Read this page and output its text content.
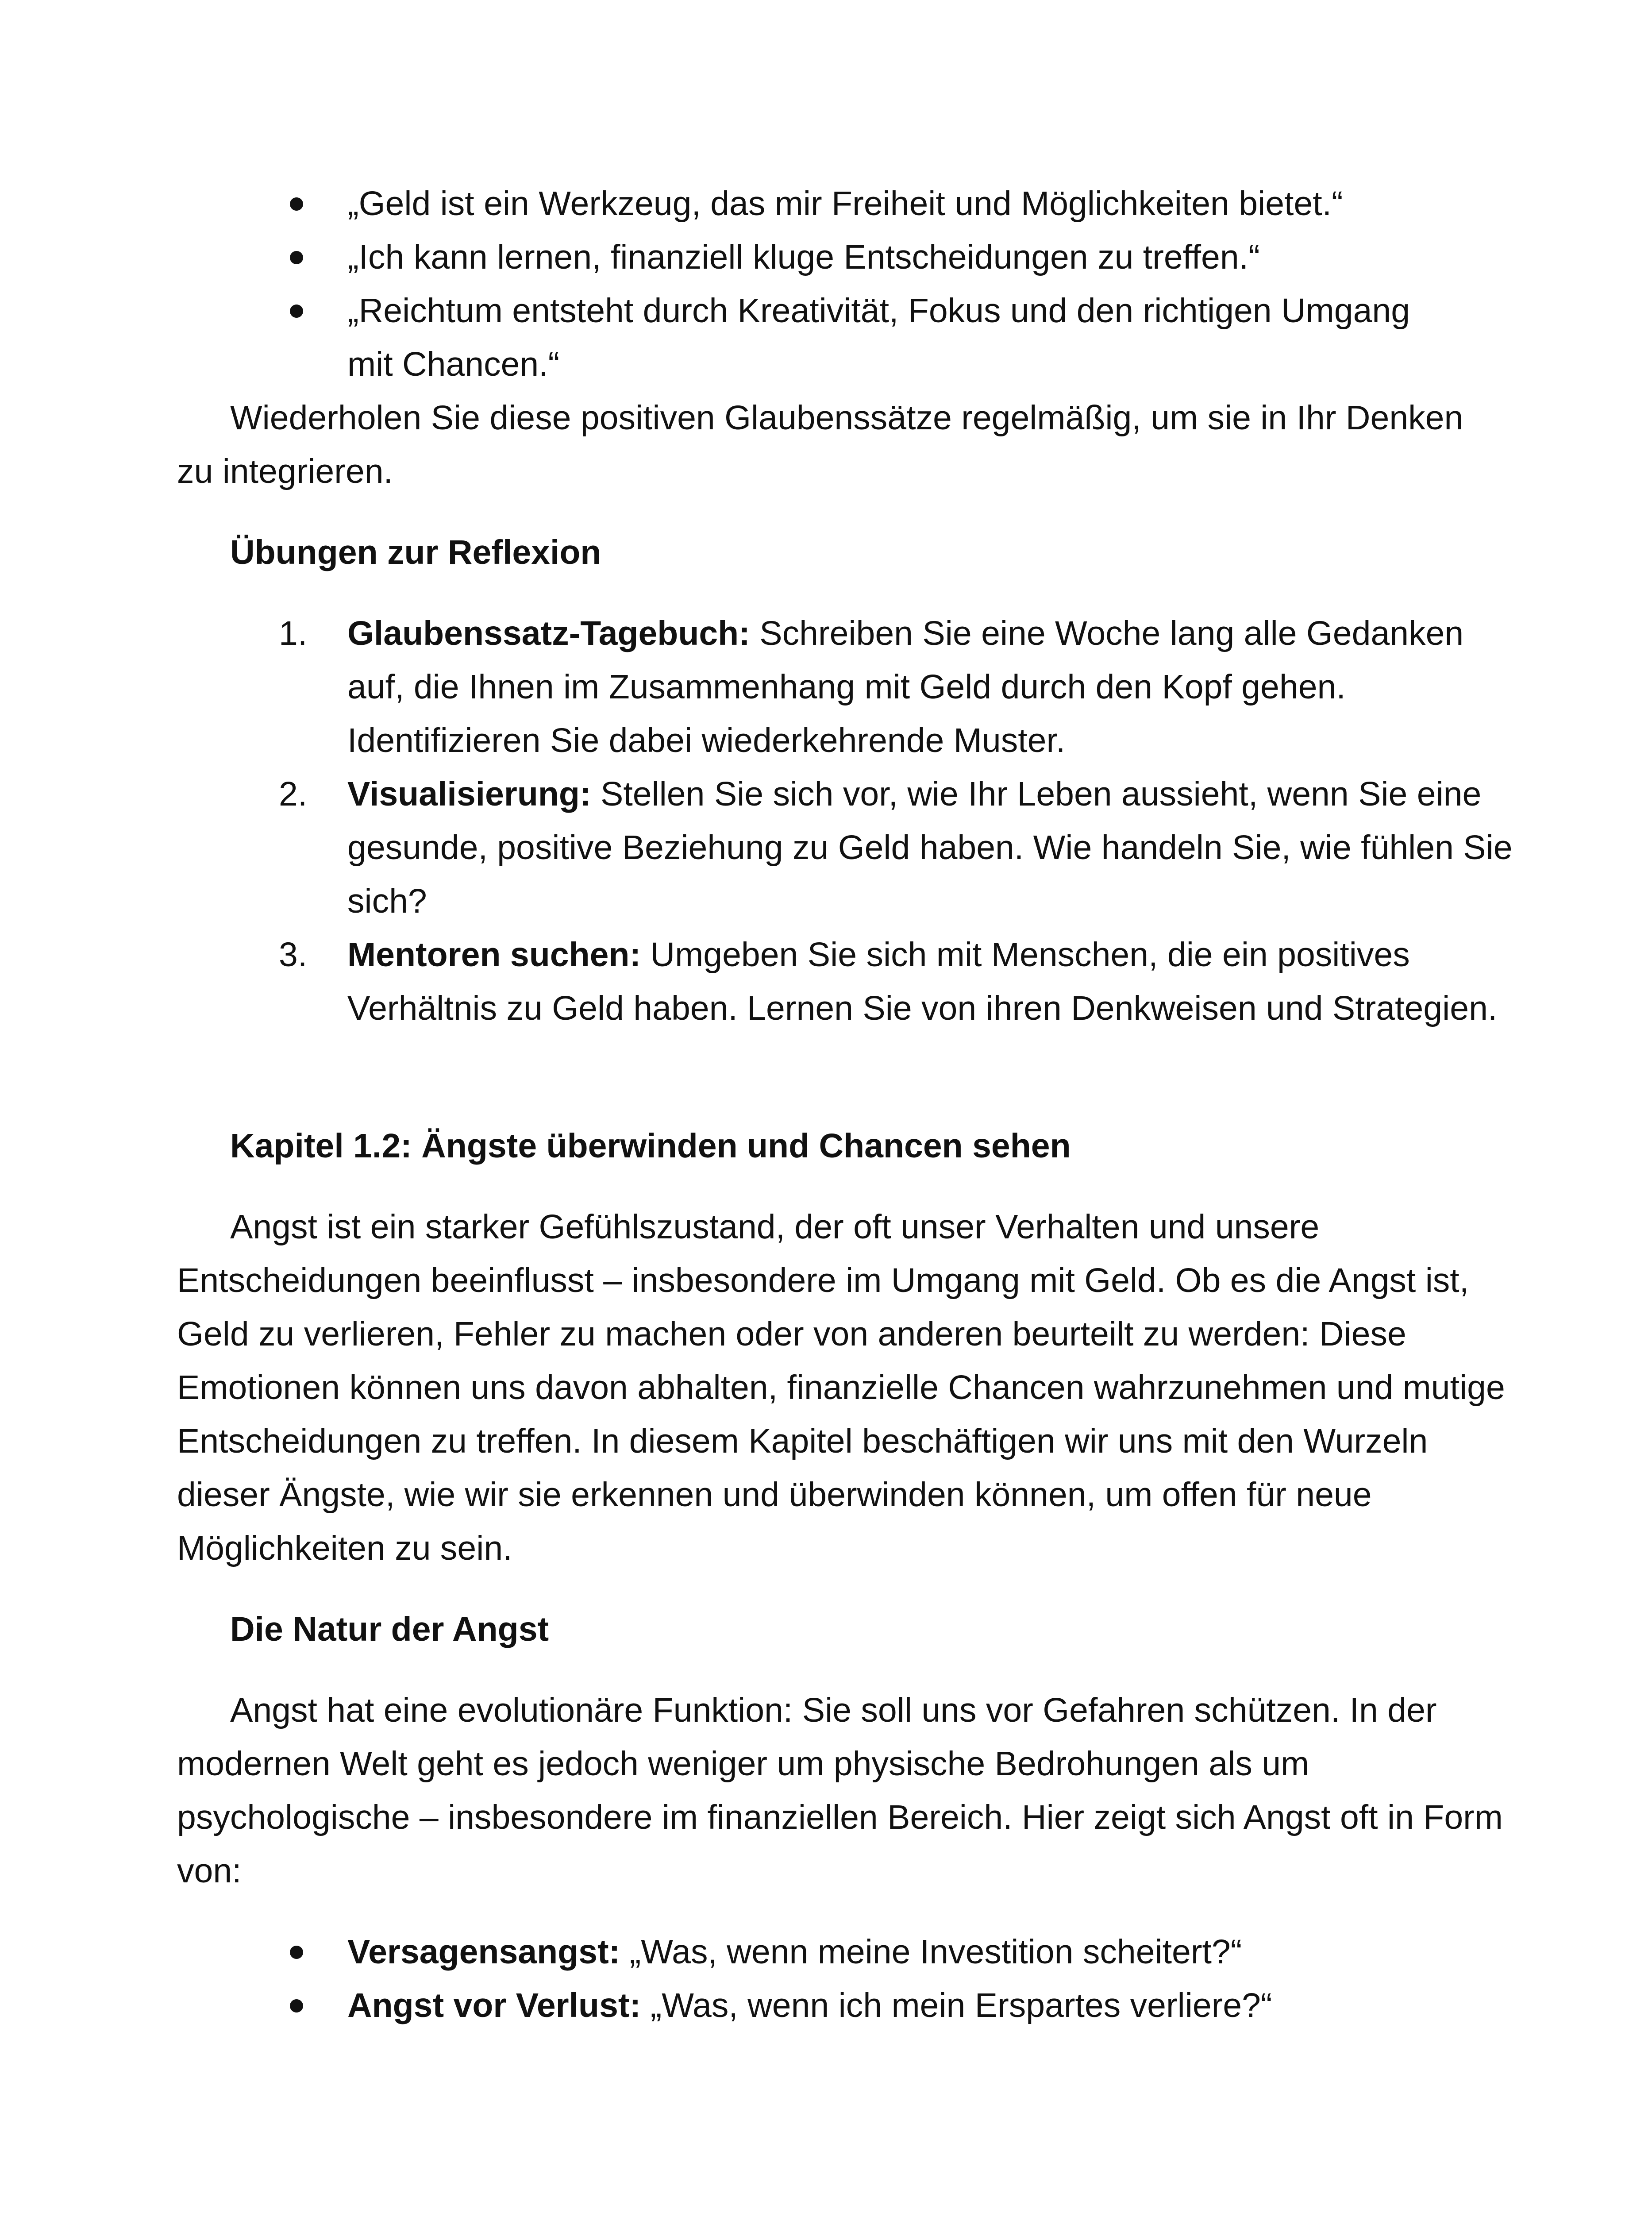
„Geld ist ein Werkzeug, das mir Freiheit und Möglichkeiten bietet.“
„Ich kann lernen, finanziell kluge Entscheidungen zu treffen.“
„Reichtum entsteht durch Kreativität, Fokus und den richtigen Umgang mit Chancen.“

Wiederholen Sie diese positiven Glaubenssätze regelmäßig, um sie in Ihr Denken zu integrieren.

Übungen zur Reflexion
1. Glaubenssatz-Tagebuch: Schreiben Sie eine Woche lang alle Gedanken auf, die Ihnen im Zusammenhang mit Geld durch den Kopf gehen. Identifizieren Sie dabei wiederkehrende Muster.
2. Visualisierung: Stellen Sie sich vor, wie Ihr Leben aussieht, wenn Sie eine gesunde, positive Beziehung zu Geld haben. Wie handeln Sie, wie fühlen Sie sich?
3. Mentoren suchen: Umgeben Sie sich mit Menschen, die ein positives Verhältnis zu Geld haben. Lernen Sie von ihren Denkweisen und Strategien.
Kapitel 1.2: Ängste überwinden und Chancen sehen

Angst ist ein starker Gefühlszustand, der oft unser Verhalten und unsere Entscheidungen beeinflusst – insbesondere im Umgang mit Geld. Ob es die Angst ist, Geld zu verlieren, Fehler zu machen oder von anderen beurteilt zu werden: Diese Emotionen können uns davon abhalten, finanzielle Chancen wahrzunehmen und mutige Entscheidungen zu treffen. In diesem Kapitel beschäftigen wir uns mit den Wurzeln dieser Ängste, wie wir sie erkennen und überwinden können, um offen für neue Möglichkeiten zu sein.

Die Natur der Angst

Angst hat eine evolutionäre Funktion: Sie soll uns vor Gefahren schützen. In der modernen Welt geht es jedoch weniger um physische Bedrohungen als um psychologische – insbesondere im finanziellen Bereich. Hier zeigt sich Angst oft in Form von:

Versagensangst: „Was, wenn meine Investition scheitert?“
Angst vor Verlust: „Was, wenn ich mein Erspartes verliere?“
